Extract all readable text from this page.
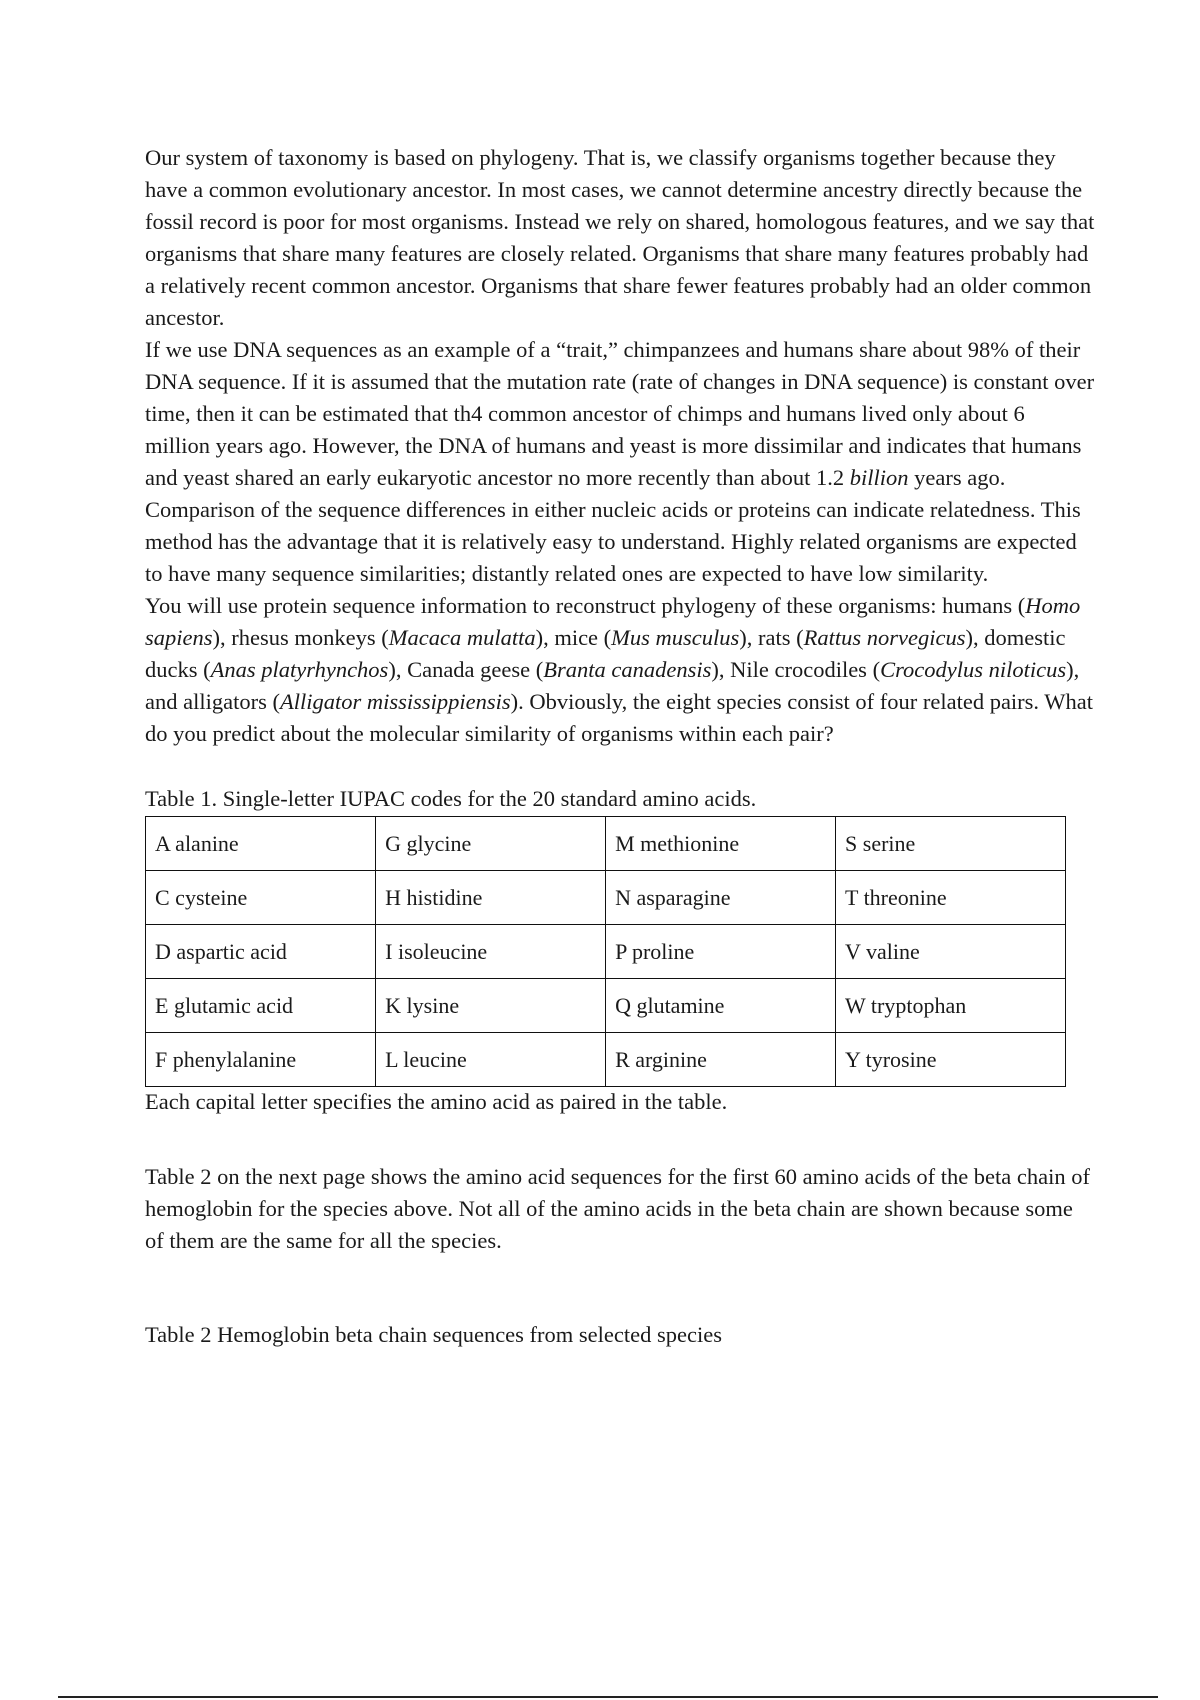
Our system of taxonomy is based on phylogeny. That is, we classify organisms together because they have a common evolutionary ancestor. In most cases, we cannot determine ancestry directly because the fossil record is poor for most organisms. Instead we rely on shared, homologous features, and we say that organisms that share many features are closely related. Organisms that share many features probably had a relatively recent common ancestor. Organisms that share fewer features probably had an older common ancestor.

If we use DNA sequences as an example of a “trait,” chimpanzees and humans share about 98% of their DNA sequence. If it is assumed that the mutation rate (rate of changes in DNA sequence) is constant over time, then it can be estimated that th4 common ancestor of chimps and humans lived only about 6 million years ago. However, the DNA of humans and yeast is more dissimilar and indicates that humans and yeast shared an early eukaryotic ancestor no more recently than about 1.2 billion years ago.

Comparison of the sequence differences in either nucleic acids or proteins can indicate relatedness. This method has the advantage that it is relatively easy to understand. Highly related organisms are expected to have many sequence similarities; distantly related ones are expected to have low similarity.

You will use protein sequence information to reconstruct phylogeny of these organisms: humans (Homo sapiens), rhesus monkeys (Macaca mulatta), mice (Mus musculus), rats (Rattus norvegicus), domestic ducks (Anas platyrhynchos), Canada geese (Branta canadensis), Nile crocodiles (Crocodylus niloticus), and alligators (Alligator mississippiensis). Obviously, the eight species consist of four related pairs. What do you predict about the molecular similarity of organisms within each pair?

Table 1. Single-letter IUPAC codes for the 20 standard amino acids.

A alanine	G glycine	M methionine	S serine
C cysteine	H histidine	N asparagine	T threonine
D aspartic acid	I isoleucine	P proline	V valine
E glutamic acid	K lysine	Q glutamine	W tryptophan
F phenylalanine	L leucine	R arginine	Y tyrosine

Each capital letter specifies the amino acid as paired in the table.

Table 2 on the next page shows the amino acid sequences for the first 60 amino acids of the beta chain of hemoglobin for the species above. Not all of the amino acids in the beta chain are shown because some of them are the same for all the species.

Table 2 Hemoglobin beta chain sequences from selected species
